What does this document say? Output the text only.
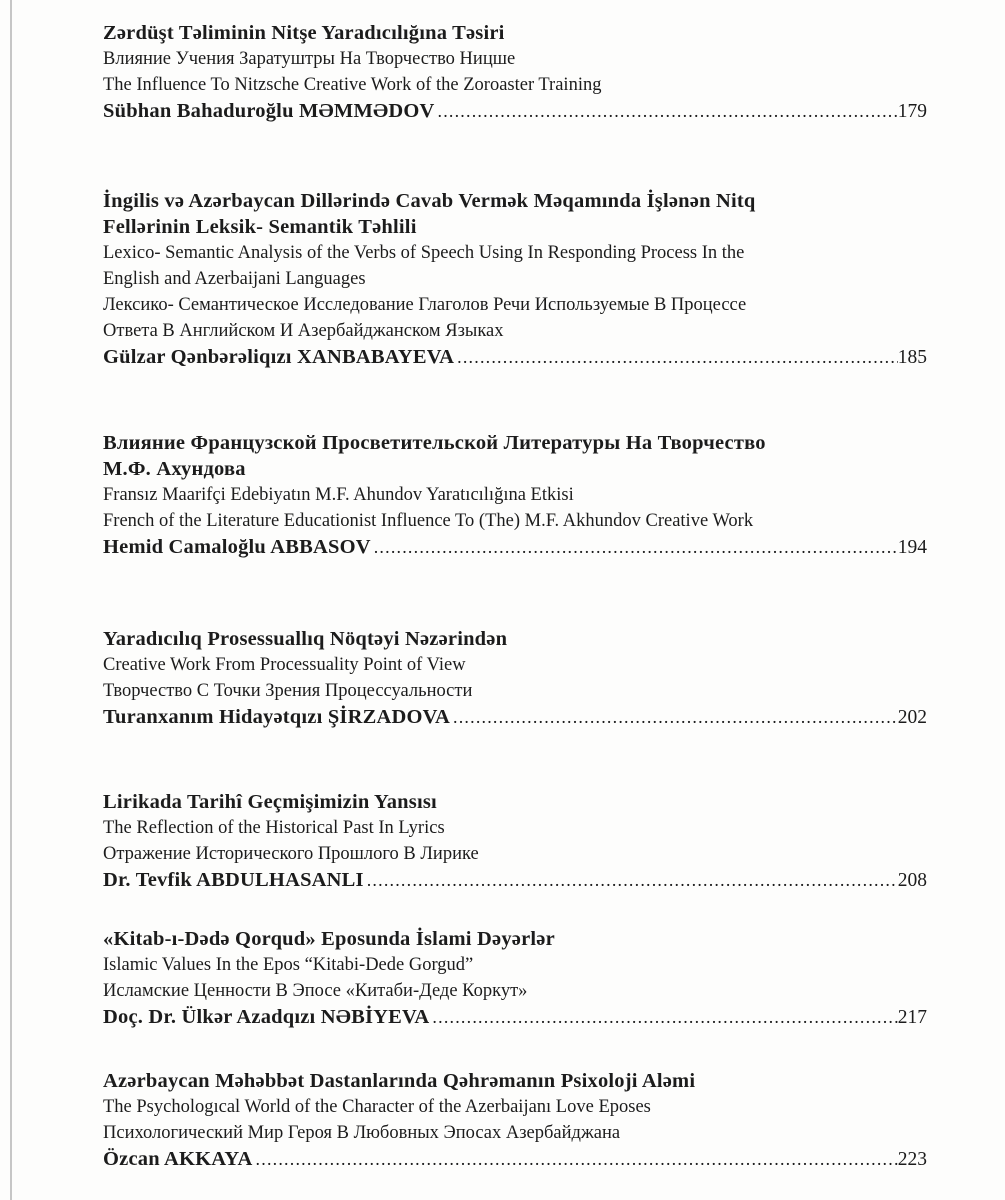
Zərdüşt Təliminin Nitşe Yaradıcılığına Təsiri
Влияние Учения Заратуштры На Творчество Ницше
The Influence To Nitzsche Creative Work of the Zoroaster Training
Sübhan Bahaduroğlu MƏMMƏDOV .....	179
İngilis və Azərbaycan Dillərində Cavab Vermək Məqamında İşlənən Nitq
Fellərinin Leksik- Semantik Təhlili
Lexico- Semantic Analysis of the Verbs of Speech Using In Responding Process In the
English and Azerbaijani Languages
Лексико- Семантическое Исследование Глаголов Речи Используемые В Процессе
Ответа В Английском И Азербайджанском Языках
Gülzar Qənbərəliqızı XANBABAYEVA .....	185
Влияние Французской Просветительской Литературы На Творчество
М.Ф. Ахундова
Fransız Maarifçi Edebiyatın M.F. Ahundov Yaratıcılığına Etkisi
French of the Literature Educationist Influence To (The) M.F. Akhundov Creative Work
Hemid Camaloğlu ABBASOV .....	194
Yaradıcılıq Prosessuallıq Nöqtəyi Nəzərindən
Creative Work From Processuality Point of View
Творчество С Точки Зрения Процессуальности
Turanxanım Hidayətqızı ŞİRZADOVA .....	202
Lirikada Tarihî Geçmişimizin Yansısı
The Reflection of the Historical Past In Lyrics
Отражение Исторического Прошлого В Лирике
Dr. Tevfik ABDULHASANLI .....	208
«Kitab-ı-Dədə Qorqud» Eposunda İslami Dəyərlər
Islamic Values In the Epos “Kitabi-Dede Gorgud”
Исламские Ценности В Эпосе «Китаби-Деде Коркут»
Doç. Dr. Ülkər Azadqızı NƏBİYEVA .....	217
Azərbaycan Məhəbbət Dastanlarında Qəhrəmanın Psixoloji Aləmi
The Psychologıcal World of the Character of the Azerbaijanı Love Eposes
Психологический Мир Героя В Любовных Эпосах Азербайджана
Özcan AKKAYA .....	223
